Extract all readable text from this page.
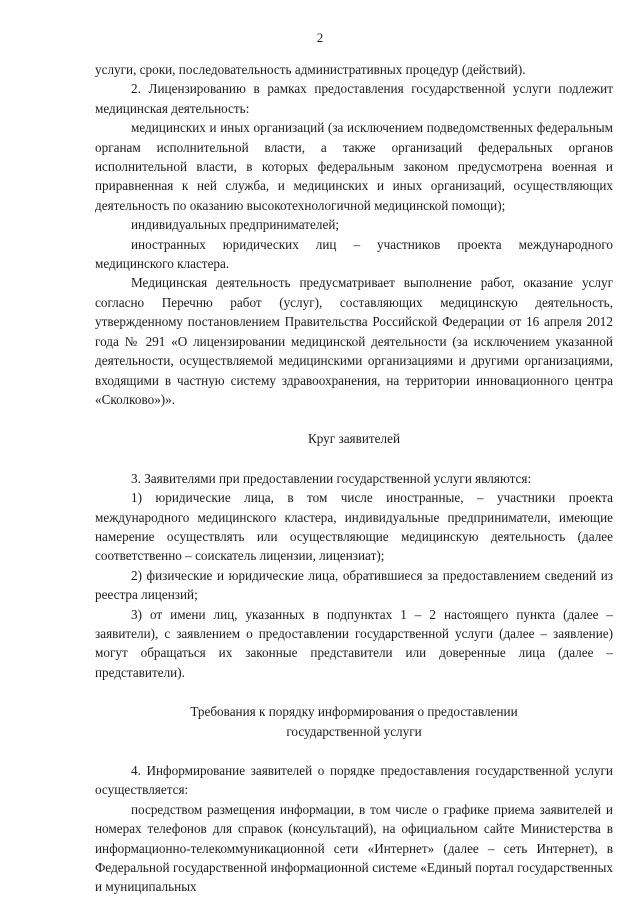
2

услуги, сроки, последовательность административных процедур (действий).

2. Лицензированию в рамках предоставления государственной услуги подлежит медицинская деятельность:

медицинских и иных организаций (за исключением подведомственных федеральным органам исполнительной власти, а также организаций федеральных органов исполнительной власти, в которых федеральным законом предусмотрена военная и приравненная к ней служба, и медицинских и иных организаций, осуществляющих деятельность по оказанию высокотехнологичной медицинской помощи);

индивидуальных предпринимателей;

иностранных юридических лиц – участников проекта международного медицинского кластера.

Медицинская деятельность предусматривает выполнение работ, оказание услуг согласно Перечню работ (услуг), составляющих медицинскую деятельность, утвержденному постановлением Правительства Российской Федерации от 16 апреля 2012 года № 291 «О лицензировании медицинской деятельности (за исключением указанной деятельности, осуществляемой медицинскими организациями и другими организациями, входящими в частную систему здравоохранения, на территории инновационного центра «Сколково»)».

Круг заявителей

3. Заявителями при предоставлении государственной услуги являются:

1) юридические лица, в том числе иностранные, – участники проекта международного медицинского кластера, индивидуальные предприниматели, имеющие намерение осуществлять или осуществляющие медицинскую деятельность (далее соответственно – соискатель лицензии, лицензиат);

2) физические и юридические лица, обратившиеся за предоставлением сведений из реестра лицензий;

3) от имени лиц, указанных в подпунктах 1 – 2 настоящего пункта (далее – заявители), с заявлением о предоставлении государственной услуги (далее – заявление) могут обращаться их законные представители или доверенные лица (далее – представители).

Требования к порядку информирования о предоставлении

государственной услуги

4. Информирование заявителей о порядке предоставления государственной услуги осуществляется:

посредством размещения информации, в том числе о графике приема заявителей и номерах телефонов для справок (консультаций), на официальном сайте Министерства в информационно-телекоммуникационной сети «Интернет» (далее – сеть Интернет), в Федеральной государственной информационной системе «Единый портал государственных и муниципальных
